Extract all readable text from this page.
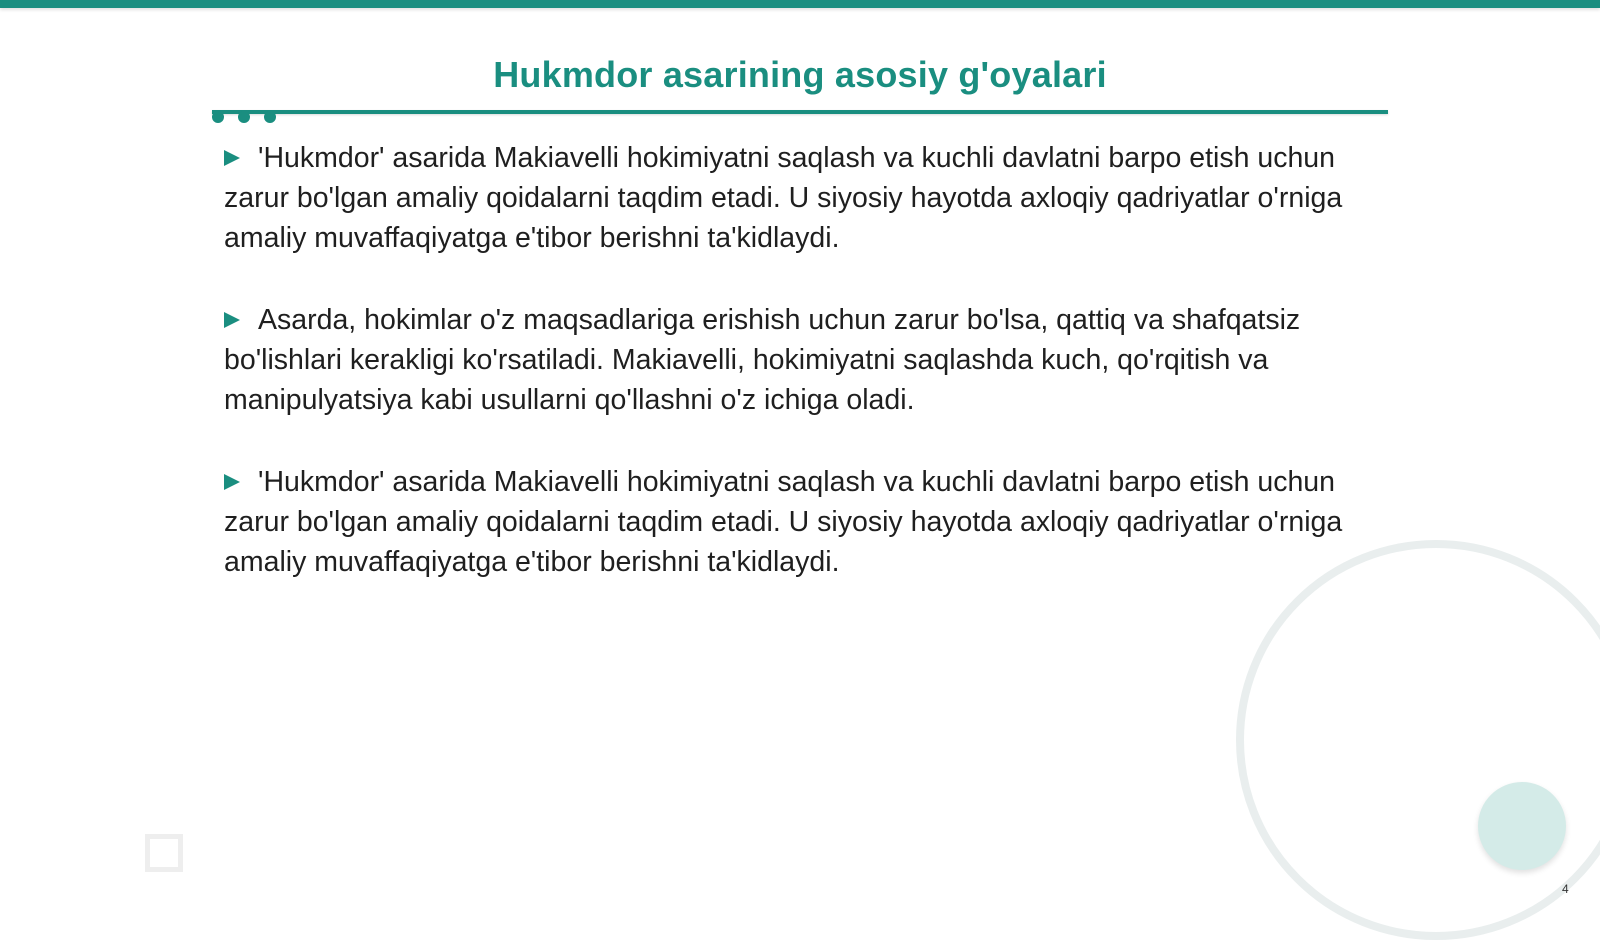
Hukmdor asarining asosiy g'oyalari

'Hukmdor' asarida Makiavelli hokimiyatni saqlash va kuchli davlatni barpo etish uchun zarur bo'lgan amaliy qoidalarni taqdim etadi. U siyosiy hayotda axloqiy qadriyatlar o'rniga amaliy muvaffaqiyatga e'tibor berishni ta'kidlaydi.

Asarda, hokimlar o'z maqsadlariga erishish uchun zarur bo'lsa, qattiq va shafqatsiz bo'lishlari kerakligi ko'rsatiladi. Makiavelli, hokimiyatni saqlashda kuch, qo'rqitish va manipulyatsiya kabi usullarni qo'llashni o'z ichiga oladi.

'Hukmdor' asarida Makiavelli hokimiyatni saqlash va kuchli davlatni barpo etish uchun zarur bo'lgan amaliy qoidalarni taqdim etadi. U siyosiy hayotda axloqiy qadriyatlar o'rniga amaliy muvaffaqiyatga e'tibor berishni ta'kidlaydi.

4
